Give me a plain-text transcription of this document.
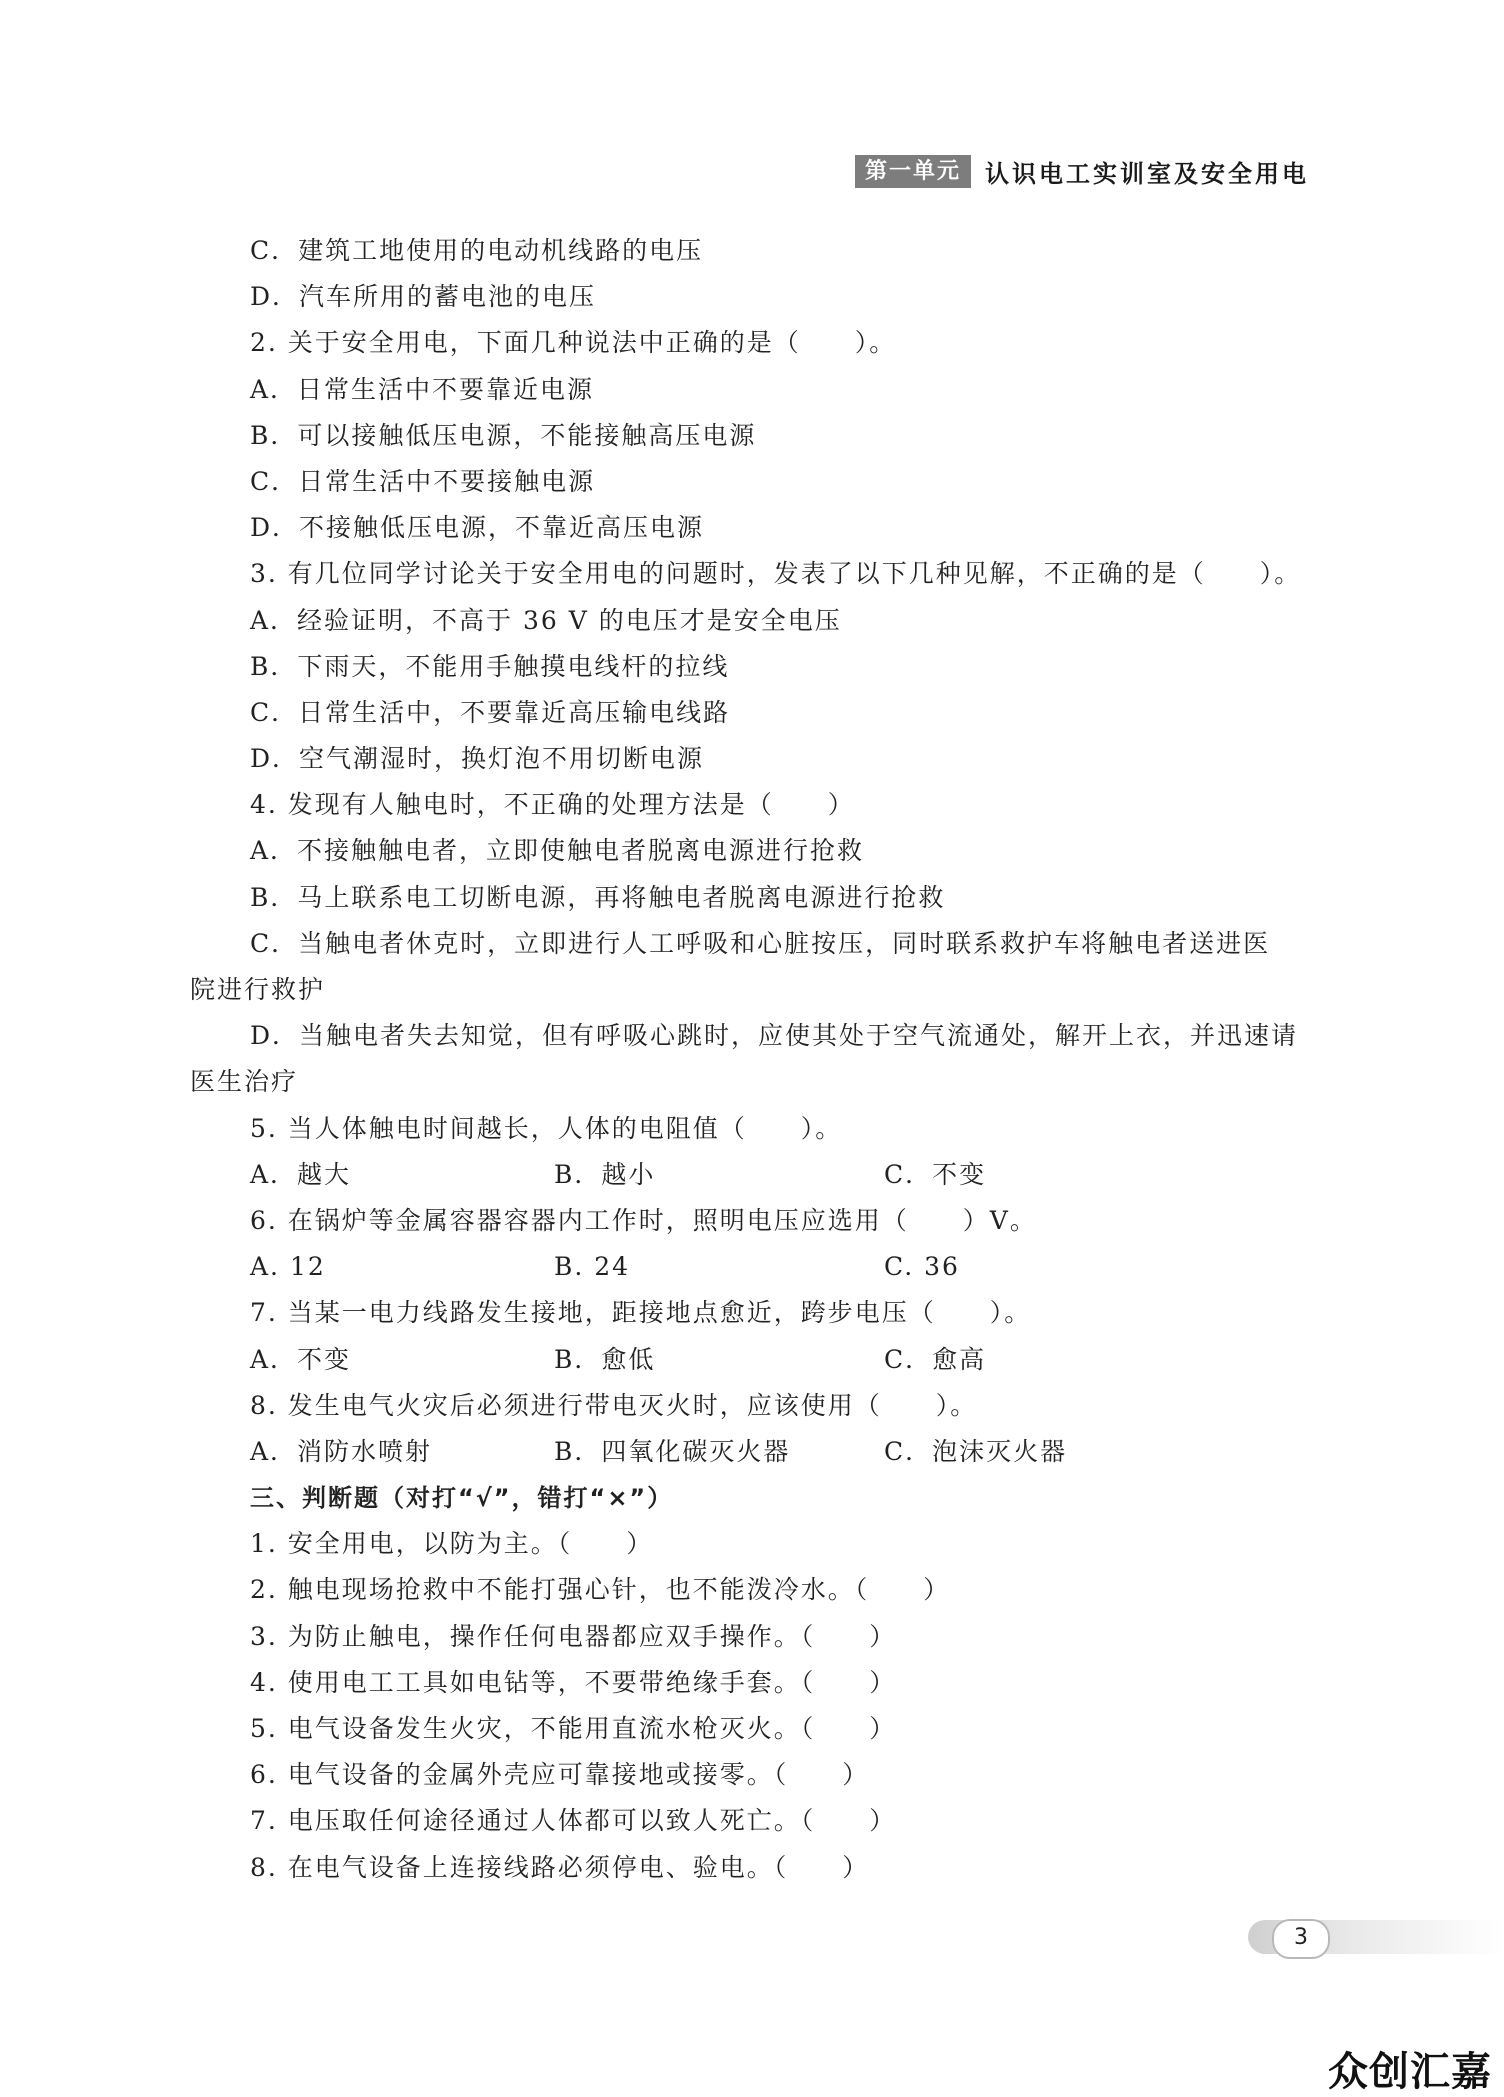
第一单元	认识电工实训室及安全用电
C．建筑工地使用的电动机线路的电压
D．汽车所用的蓄电池的电压
2. 关于安全用电，下面几种说法中正确的是（　　）。
A．日常生活中不要靠近电源
B．可以接触低压电源，不能接触高压电源
C．日常生活中不要接触电源
D．不接触低压电源，不靠近高压电源
3. 有几位同学讨论关于安全用电的问题时，发表了以下几种见解，不正确的是（　　）。
A．经验证明，不高于 36 V 的电压才是安全电压
B．下雨天，不能用手触摸电线杆的拉线
C．日常生活中，不要靠近高压输电线路
D．空气潮湿时，换灯泡不用切断电源
4. 发现有人触电时，不正确的处理方法是（　　）
A．不接触触电者，立即使触电者脱离电源进行抢救
B．马上联系电工切断电源，再将触电者脱离电源进行抢救
C．当触电者休克时，立即进行人工呼吸和心脏按压，同时联系救护车将触电者送进医
院进行救护
D．当触电者失去知觉，但有呼吸心跳时，应使其处于空气流通处，解开上衣，并迅速请
医生治疗
5. 当人体触电时间越长，人体的电阻值（　　）。
A．越大	B．越小	C．不变
6. 在锅炉等金属容器容器内工作时，照明电压应选用（　　）V。
A. 12	B. 24	C. 36
7. 当某一电力线路发生接地，距接地点愈近，跨步电压（　　）。
A．不变	B．愈低	C．愈高
8. 发生电气火灾后必须进行带电灭火时，应该使用（　　）。
A．消防水喷射	B．四氧化碳灭火器	C．泡沫灭火器
三、判断题（对打“√”，错打“×”）
1. 安全用电，以防为主。（　　）
2. 触电现场抢救中不能打强心针，也不能泼冷水。（　　）
3. 为防止触电，操作任何电器都应双手操作。（　　）
4. 使用电工工具如电钻等，不要带绝缘手套。（　　）
5. 电气设备发生火灾，不能用直流水枪灭火。（　　）
6. 电气设备的金属外壳应可靠接地或接零。（　　）
7. 电压取任何途径通过人体都可以致人死亡。（　　）
8. 在电气设备上连接线路必须停电、验电。（　　）
3
众创汇嘉
